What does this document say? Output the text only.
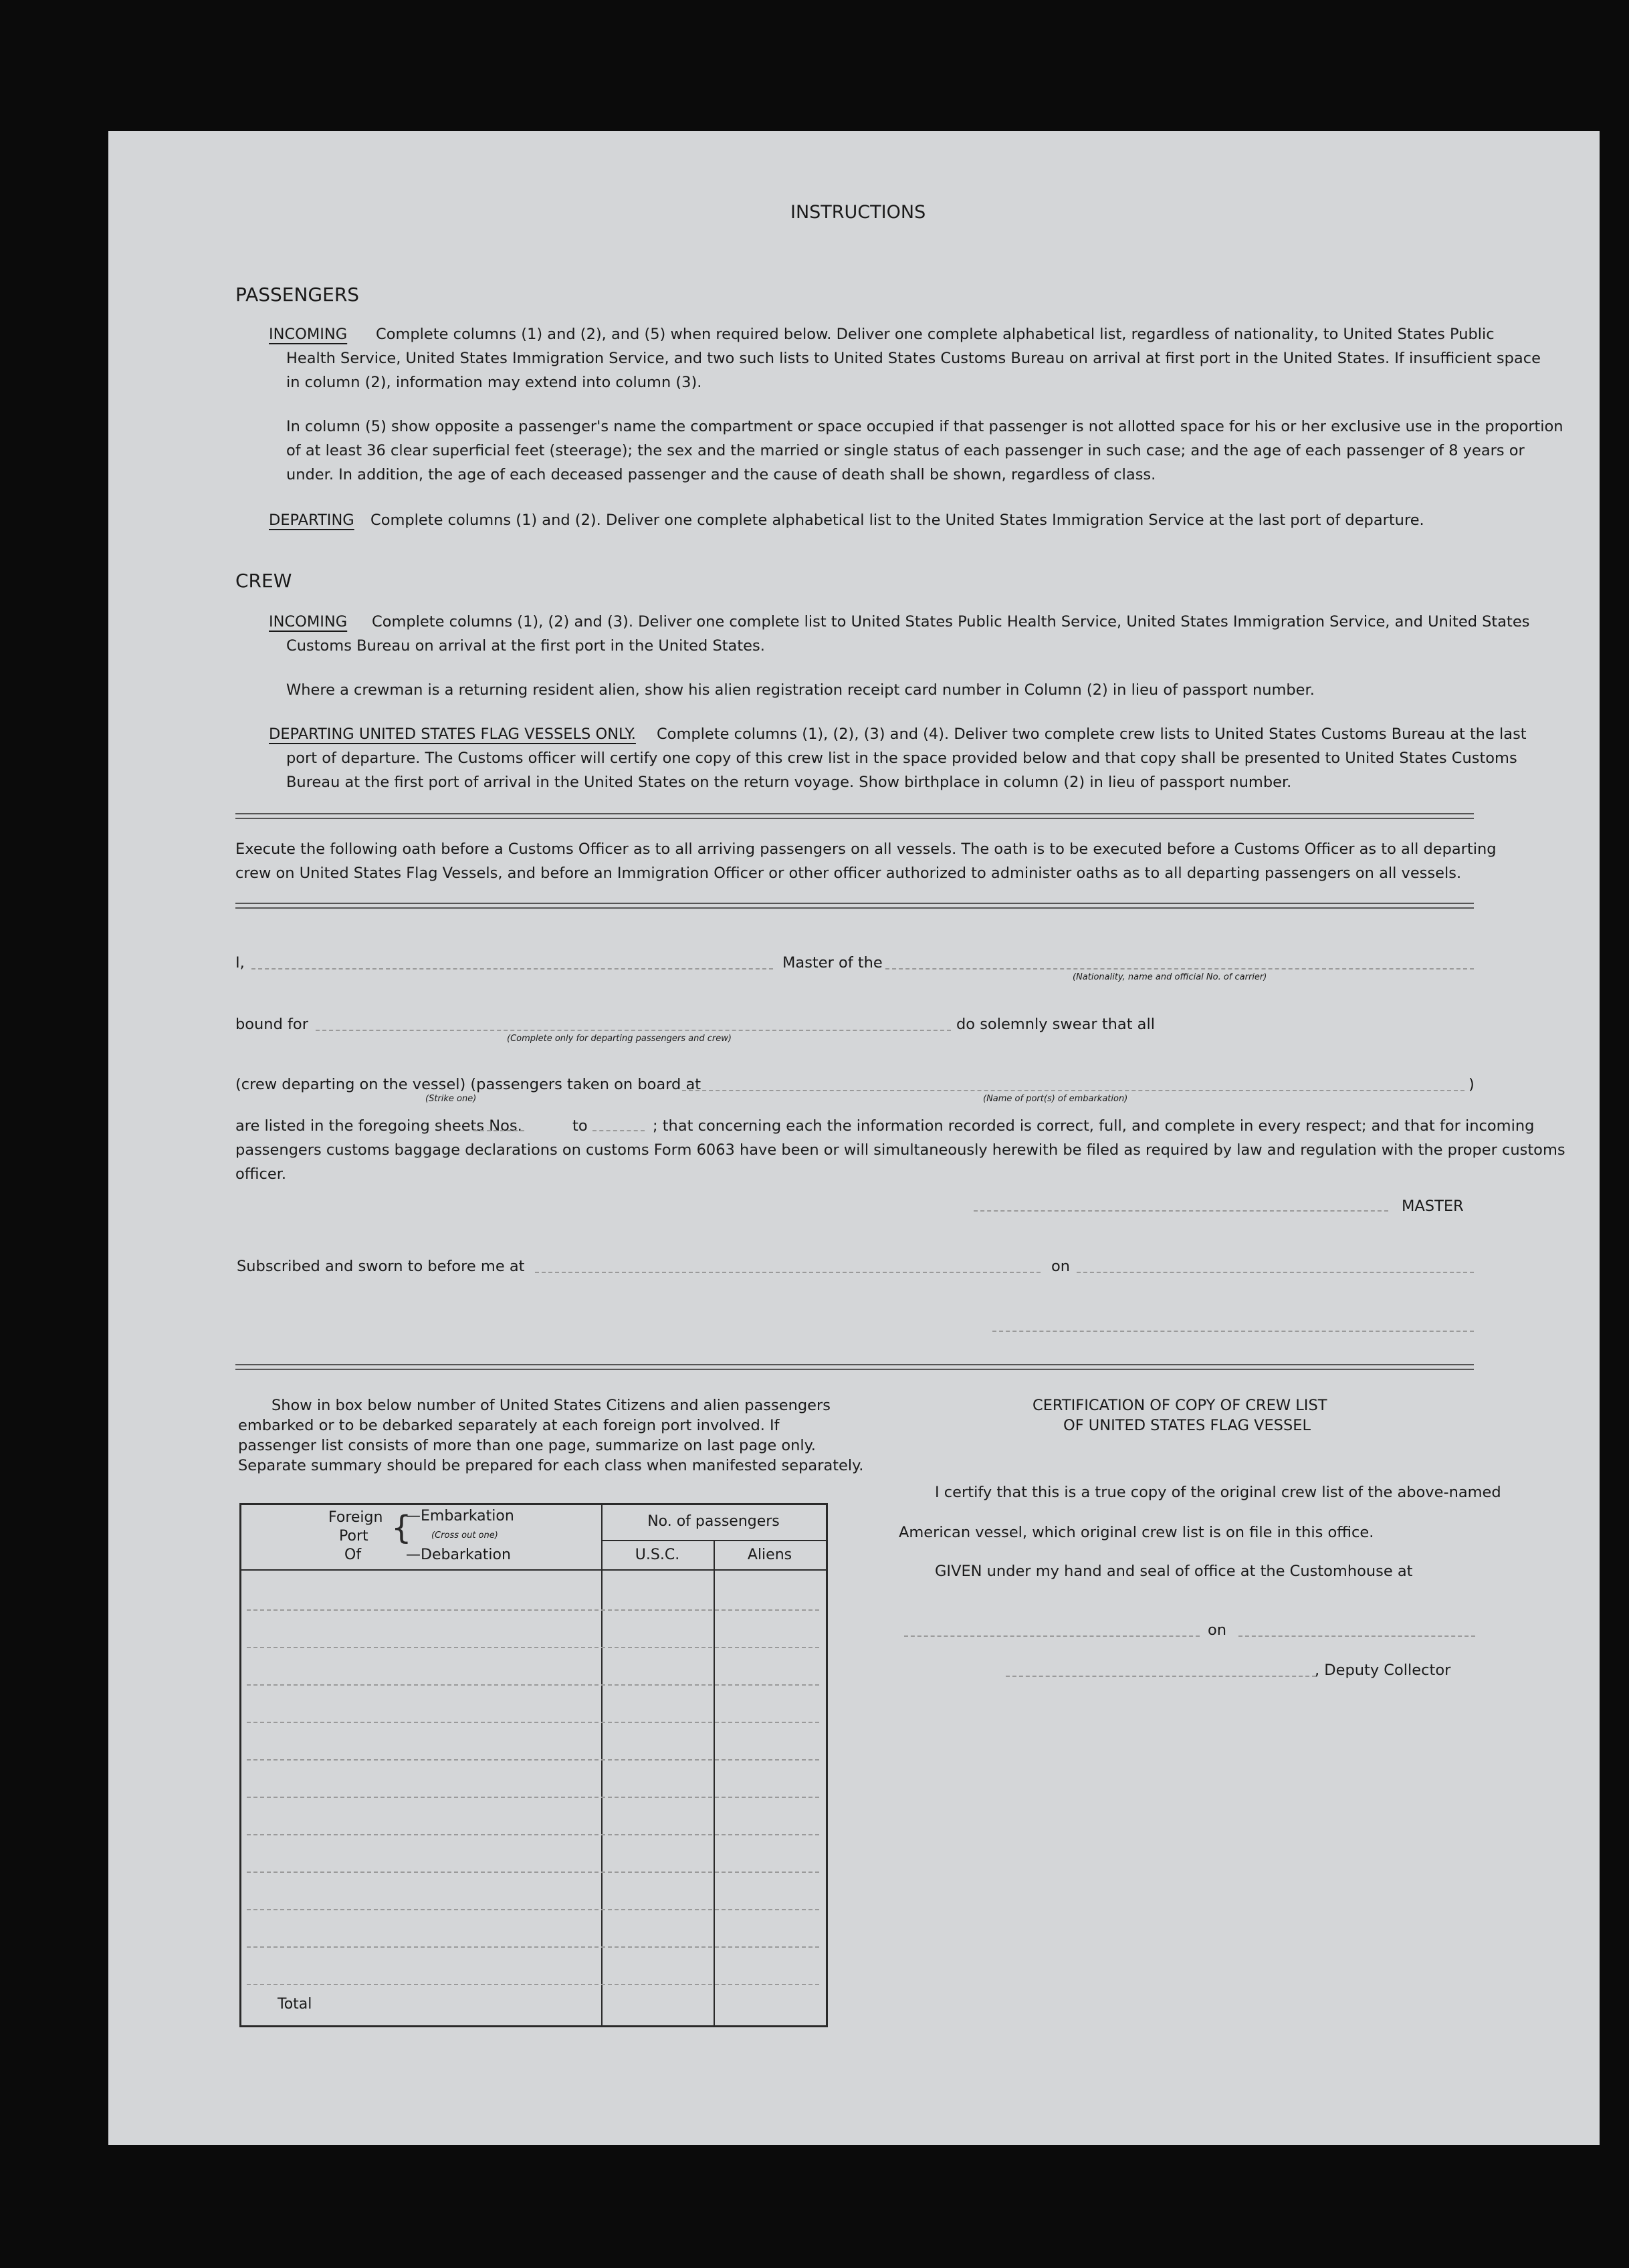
INSTRUCTIONS
PASSENGERS
INCOMING Complete columns (1) and (2), and (5) when required below. Deliver one complete alphabetical list, regardless of nationality, to United States Public
Health Service, United States Immigration Service, and two such lists to United States Customs Bureau on arrival at first port in the United States. If insufficient space
in column (2), information may extend into column (3).
In column (5) show opposite a passenger's name the compartment or space occupied if that passenger is not allotted space for his or her exclusive use in the proportion
of at least 36 clear superficial feet (steerage); the sex and the married or single status of each passenger in such case; and the age of each passenger of 8 years or
under. In addition, the age of each deceased passenger and the cause of death shall be shown, regardless of class.
DEPARTING Complete columns (1) and (2). Deliver one complete alphabetical list to the United States Immigration Service at the last port of departure.
CREW
INCOMING Complete columns (1), (2) and (3). Deliver one complete list to United States Public Health Service, United States Immigration Service, and United States
Customs Bureau on arrival at the first port in the United States.
Where a crewman is a returning resident alien, show his alien registration receipt card number in Column (2) in lieu of passport number.
DEPARTING UNITED STATES FLAG VESSELS ONLY. Complete columns (1), (2), (3) and (4). Deliver two complete crew lists to United States Customs Bureau at the last
port of departure. The Customs officer will certify one copy of this crew list in the space provided below and that copy shall be presented to United States Customs
Bureau at the first port of arrival in the United States on the return voyage. Show birthplace in column (2) in lieu of passport number.
Execute the following oath before a Customs Officer as to all arriving passengers on all vessels. The oath is to be executed before a Customs Officer as to all departing
crew on United States Flag Vessels, and before an Immigration Officer or other officer authorized to administer oaths as to all departing passengers on all vessels.
I,	Master of the
(Nationality, name and official No. of carrier)
bound for
(Complete only for departing passengers and crew)
do solemnly swear that all
(crew departing on the vessel) (passengers taken on board at
(Strike one)
)
(Name of port(s) of embarkation)
are listed in the foregoing sheets Nos.	to	; that concerning each the information recorded is correct, full, and complete in every respect; and that for incoming
passengers customs baggage declarations on customs Form 6063 have been or will simultaneously herewith be filed as required by law and regulation with the proper customs
officer.
MASTER
Subscribed and sworn to before me at	on
Show in box below number of United States Citizens and alien passengers
embarked or to be debarked separately at each foreign port involved. If
passenger list consists of more than one page, summarize on last page only.
Separate summary should be prepared for each class when manifested separately.
Foreign
Port
Of
{
—Embarkation
(Cross out one)
—Debarkation
No. of passengers
U.S.C.	Aliens
Total
CERTIFICATION OF COPY OF CREW LIST
OF UNITED STATES FLAG VESSEL
I certify that this is a true copy of the original crew list of the above-named
American vessel, which original crew list is on file in this office.
GIVEN under my hand and seal of office at the Customhouse at
on
, Deputy Collector
